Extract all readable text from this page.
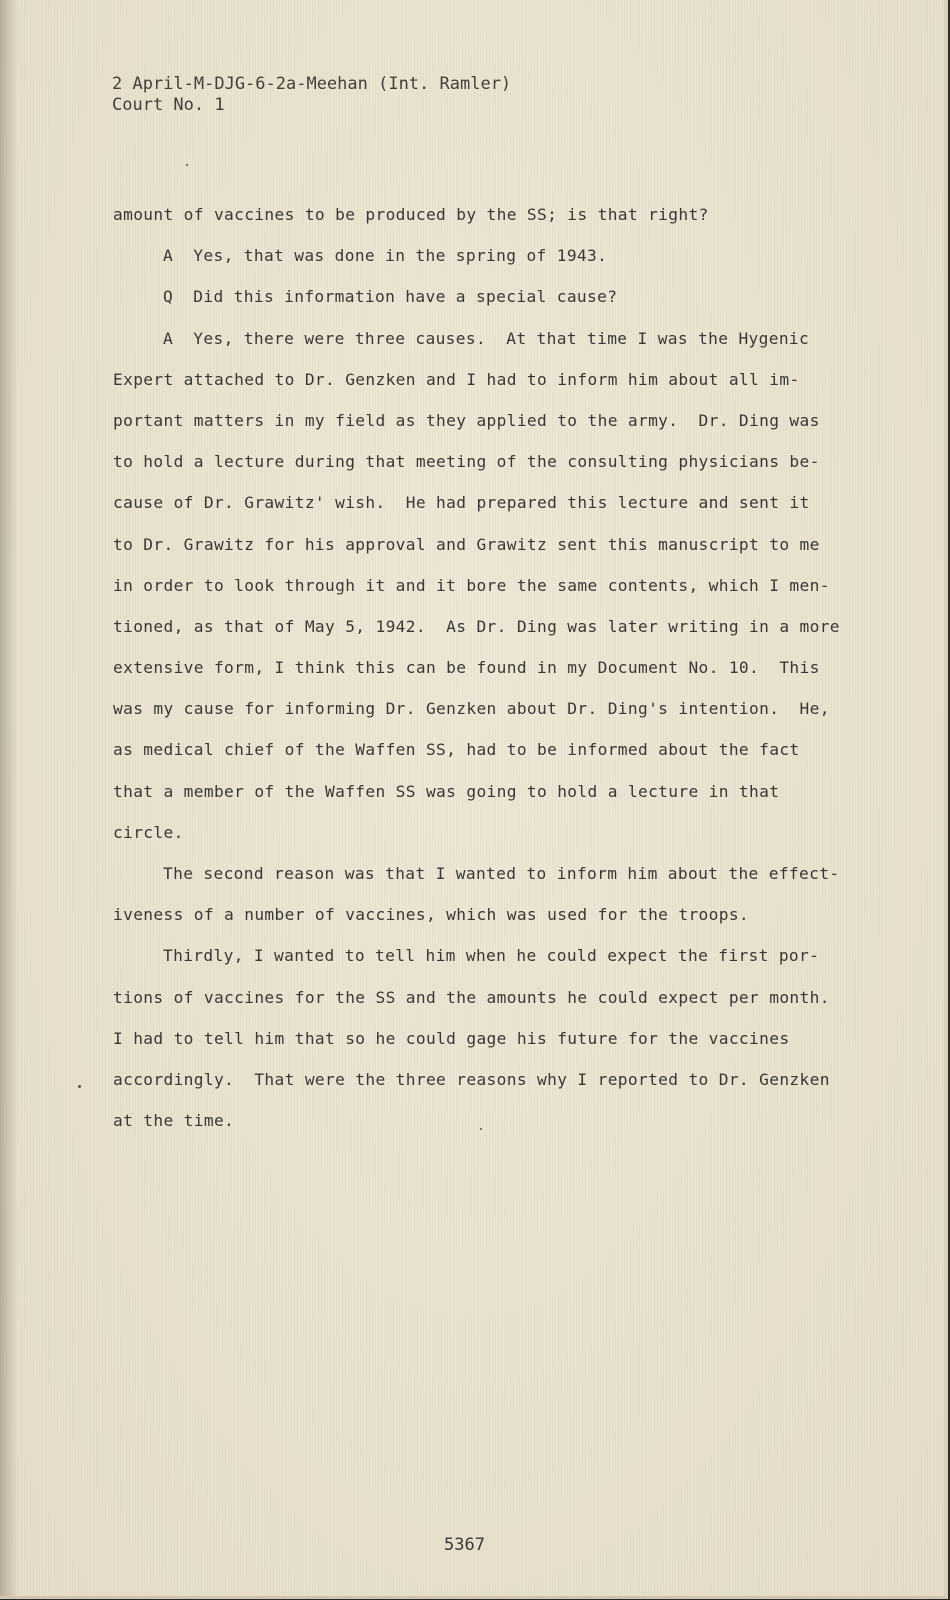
2 April-M-DJG-6-2a-Meehan (Int. Ramler)
Court No. 1
amount of vaccines to be produced by the SS; is that right?
A  Yes, that was done in the spring of 1943.
Q  Did this information have a special cause?
A  Yes, there were three causes.  At that time I was the Hygenic
Expert attached to Dr. Genzken and I had to inform him about all im-
portant matters in my field as they applied to the army.  Dr. Ding was
to hold a lecture during that meeting of the consulting physicians be-
cause of Dr. Grawitz' wish.  He had prepared this lecture and sent it
to Dr. Grawitz for his approval and Grawitz sent this manuscript to me
in order to look through it and it bore the same contents, which I men-
tioned, as that of May 5, 1942.  As Dr. Ding was later writing in a more
extensive form, I think this can be found in my Document No. 10.  This
was my cause for informing Dr. Genzken about Dr. Ding's intention.  He,
as medical chief of the Waffen SS, had to be informed about the fact
that a member of the Waffen SS was going to hold a lecture in that
circle.
The second reason was that I wanted to inform him about the effect-
iveness of a number of vaccines, which was used for the troops.
Thirdly, I wanted to tell him when he could expect the first por-
tions of vaccines for the SS and the amounts he could expect per month.
I had to tell him that so he could gage his future for the vaccines
accordingly.  That were the three reasons why I reported to Dr. Genzken
at the time.
5367
